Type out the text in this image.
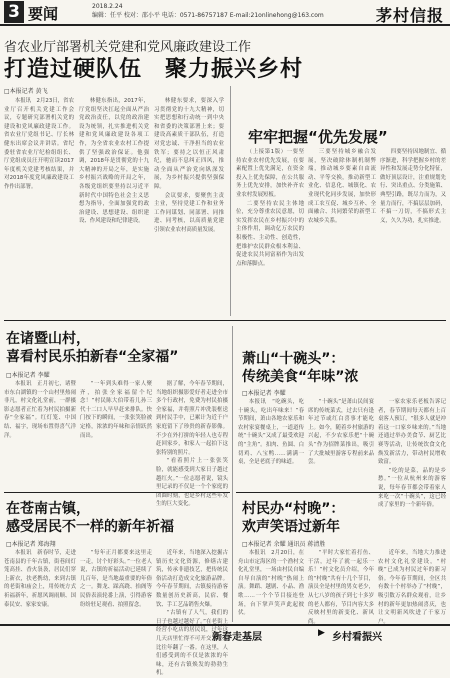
3 要闻	2018.2.24
编辑：任平 校对：邵小平 电话：0571-86757187 E-mail:21onlinehong@163.com	茅村信报
省农业厅部署机关党建和党风廉政建设工作
打造过硬队伍　聚力振兴乡村
□本报记者 黄飞

本报讯　2月23日，省农业厅召开机关党建工作会议，专题研究部署机关党的建设和党风廉政建设工作。省农业厅党组书记、厅长林健东出席会议并讲话。省纪委驻省农业厅纪检组组长、厅党组成员汪开明宣读2017年度机关党建考核结果，并对2018年度党风廉政建设工作作出部署。

林健东指出，2017年，厅党组坚决扛起全面从严治党政治责任，以党的政治建设为统领，扎实推进机关党建和党风廉政建设各项工作，为全省农业农村工作提供了坚强政治保证。他强调，2018年是贯彻党的十九大精神的开局之年，是实施乡村振兴战略的开局之年，各级党组织要坚持以习近平新时代中国特色社会主义思想为指导，全面加强党的政治建设、思想建设、组织建设、作风建设和纪律建设。

林健东要求，要深入学习贯彻党的十九大精神，切实把思想和行动统一到中央和省委的决策部署上来；要建设高素质干部队伍，打造对党忠诚、干净担当的农业铁军；要持之以恒正风肃纪，驰而不息纠正四风，推动全面从严治党向纵深发展，为乡村振兴提供坚强保障。

会议要求，要聚焦主责主业，坚持党建工作和业务工作同谋划、同部署、同推进、同考核，以高质量党建引领农业农村高质量发展。

牢牢把握“优先发展”

（上接第1版）一要坚持农业农村优先发展，在要素配置上优先满足，在资金投入上优先保障，在公共服务上优先安排，加快补齐农业农村发展短板。

二要坚持农民主体地位，充分尊重农民意愿，切实发挥农民在乡村振兴中的主体作用，调动亿万农民的积极性、主动性、创造性，把维护农民群众根本利益、促进农民共同富裕作为出发点和落脚点。

三要坚持城乡融合发展，坚决破除体制机制弊端，推动城乡要素自由流动、平等交换，推动新型工业化、信息化、城镇化、农业现代化同步发展，加快形成工农互促、城乡互补、全面融合、共同繁荣的新型工农城乡关系。

四要坚持因地制宜、循序渐进，科学把握乡村的差异性和发展走势分化特征，做好顶层设计，注重规划先行、突出重点、分类施策、典型引路，既尽力而为，又量力而行，不搞层层加码，不搞一刀切，不搞形式主义，久久为功，扎实推进。

在诸暨山村，
喜看村民乐拍新春“全家福”
□本报记者 李耀

本报讯　正月初七，诸暨市东白湖镇的一个山村里热闹非凡，村文化礼堂前，一群摄影志愿者正忙着为村民拍摄新春“全家福”。红灯笼、中国结、福字，现场布置得喜气洋洋。

“一年到头难得一家人聚齐，拍张全家福留个纪念！”村民陈大伯带着儿孙三代十二口人早早赶来排队。快门按下的瞬间，一张张笑脸被定格，浓浓的年味和亲情跃然而出。

据了解，今年春节期间，当地组织摄影爱好者走进全市多个行政村，免费为村民拍摄全家福，并将照片冲洗装框送到村民手中，已累计为近千户家庭留下了珍贵的新春影像。不少在外打拼的年轻人也专程赶回家乡，和家人一起拍下这张特别的照片。

“看着照片上一张张笑脸，就能感受到大家日子越过越红火。”一位志愿者说，镜头里记录的不仅是一个个家庭的团圆时刻，也是乡村这些年发生的巨大变化。

萧山“十碗头”：
传统美食“年味”浓
□本报记者 李耀

本报讯　“吃碗头，吃十碗头，吃出年味来！”春节期间，萧山各地农家乐和农村家宴餐桌上，一道道传统“十碗头”又成了最受欢迎的“主角”。扣肉、鱼圆、白切鸡、八宝鸭……满满一桌，全是老底子的味道。

“十碗头”是萧山民间宴席的传统菜式，过去只有逢年过节或红白喜事才能吃上。如今，随着乡村旅游的兴起，不少农家乐把“十碗头”作为招牌菜推出，吸引了大批城里游客专程前来品尝。

一家农家乐老板告诉记者，春节期间每天都有上百桌客人预订，“很多人就是冲着这一口家乡味来的。”当地还通过举办美食节、厨艺比赛等活动，让传统饮食文化焕发新活力，带动村民增收致富。

“吃的是菜，品的是乡愁。”一位从杭州来的游客说，每年春节都会带着家人来吃一次“十碗头”，这已经成了家里的一个新年俗。

在苍南古镇，
感受居民不一样的新年祈福
□本报记者 郑海翔

本报讯　新春时节，走进苍南县的千年古镇，街巷间灯笼高挂、香火袅袅，居民们穿上新衣，扶老携幼，来到古镇的老街和庙会上，用传统方式祈福新年，祈愿风调雨顺、国泰民安、家家安康。

“每年正月都要来这里走一走，讨个好彩头。”一位老人说，古镇的祈福活动已延续了几百年，是当地最重要的年俗之一。舞龙、踩高跷、抬阁等民俗表演轮番上演，引得游客纷纷驻足观看、拍照留念。

近年来，当地深入挖掘古镇历史文化资源，修缮古建筑，传承非遗技艺，把传统民俗活动打造成文化旅游品牌。今年春节期间，古镇接待游客数量创历史新高，民宿、餐饮、手工艺品销售火爆。

“古镇有了人气，我们的日子也越过越好了。”在老街上经营小吃店的居民说，过年这几天店里忙得不可开交，收入比往年翻了一番。在这里，人们感受到的不仅是浓浓的年味，还有古镇焕发的勃勃生机。

村民办“村晚”：
欢声笑语过新年
□本报记者 余耀 通讯员 蒋清胜

本报讯　2月20日，在舟山市定海区的一个渔村文化礼堂里，一场由村民自编自导自演的“村晚”热闹上演。舞蹈、越剧、小品、渔歌……一个个节目接连登场，台下掌声笑声此起彼伏。

“平时大家忙着打鱼、干活，过年了就一起乐一乐！”村文化员介绍，今年的“村晚”共有十几个节目，演员全是村里的男女老少，从七八岁的孩子到七十多岁的老人都有，节目内容大多反映村里的新变化、新风尚。

近年来，当地大力推进农村文化礼堂建设，“村晚”已成为村民过年的新习俗。今年春节期间，全区共有数十个村举办了“村晚”，吸引数万名群众观看，让乡村的新年更加热闹喜庆，也让文明新风吹进了千家万户。

新春走基层	▶ 乡村看振兴
